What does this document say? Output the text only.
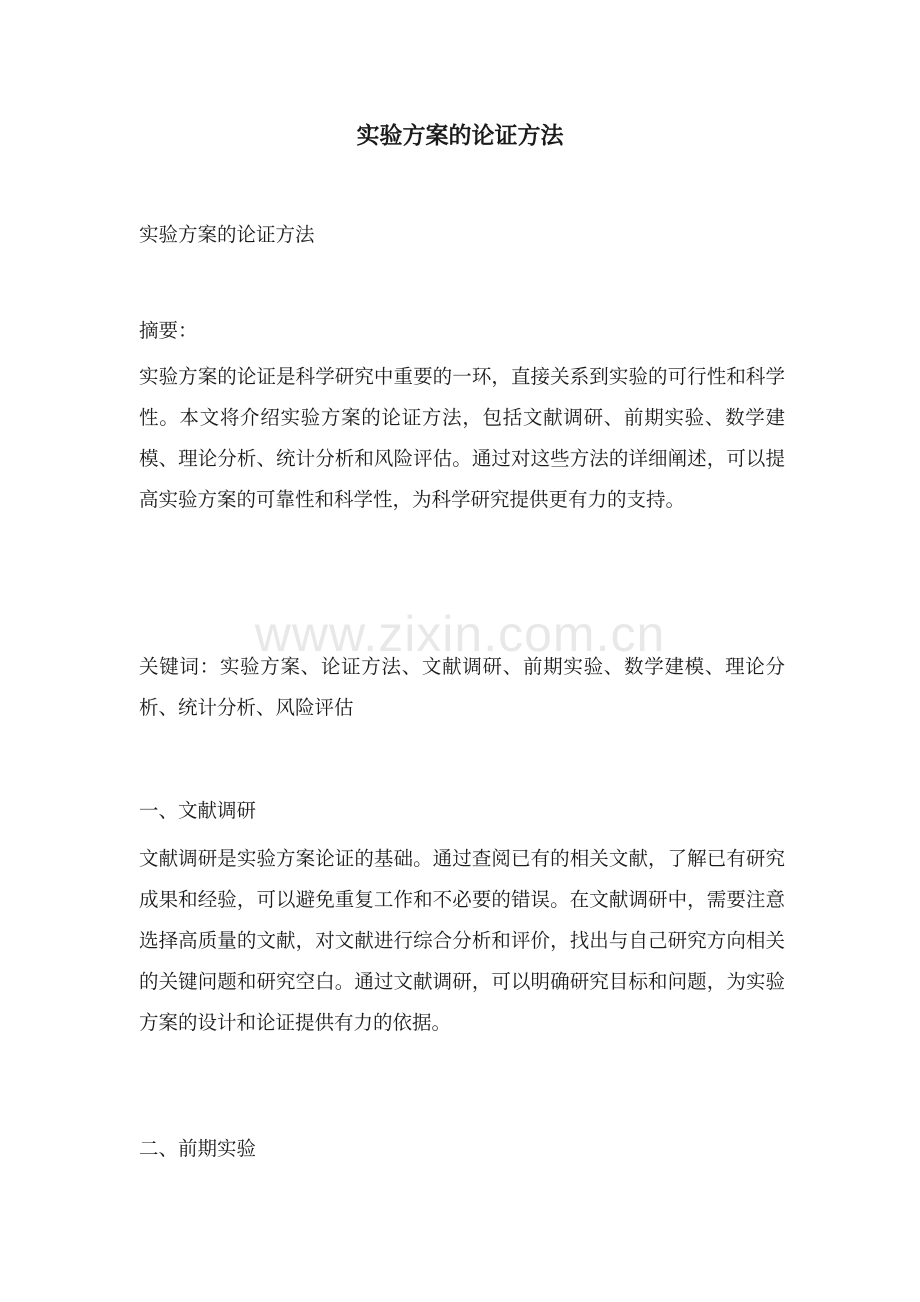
实验方案的论证方法

实验方案的论证方法

摘要：

实验方案的论证是科学研究中重要的一环，直接关系到实验的可行性和科学性。本文将介绍实验方案的论证方法，包括文献调研、前期实验、数学建模、理论分析、统计分析和风险评估。通过对这些方法的详细阐述，可以提高实验方案的可靠性和科学性，为科学研究提供更有力的支持。

关键词：实验方案、论证方法、文献调研、前期实验、数学建模、理论分析、统计分析、风险评估

一、文献调研

文献调研是实验方案论证的基础。通过查阅已有的相关文献，了解已有研究成果和经验，可以避免重复工作和不必要的错误。在文献调研中，需要注意选择高质量的文献，对文献进行综合分析和评价，找出与自己研究方向相关的关键问题和研究空白。通过文献调研，可以明确研究目标和问题，为实验方案的设计和论证提供有力的依据。

二、前期实验

www.zixin.com.cn
